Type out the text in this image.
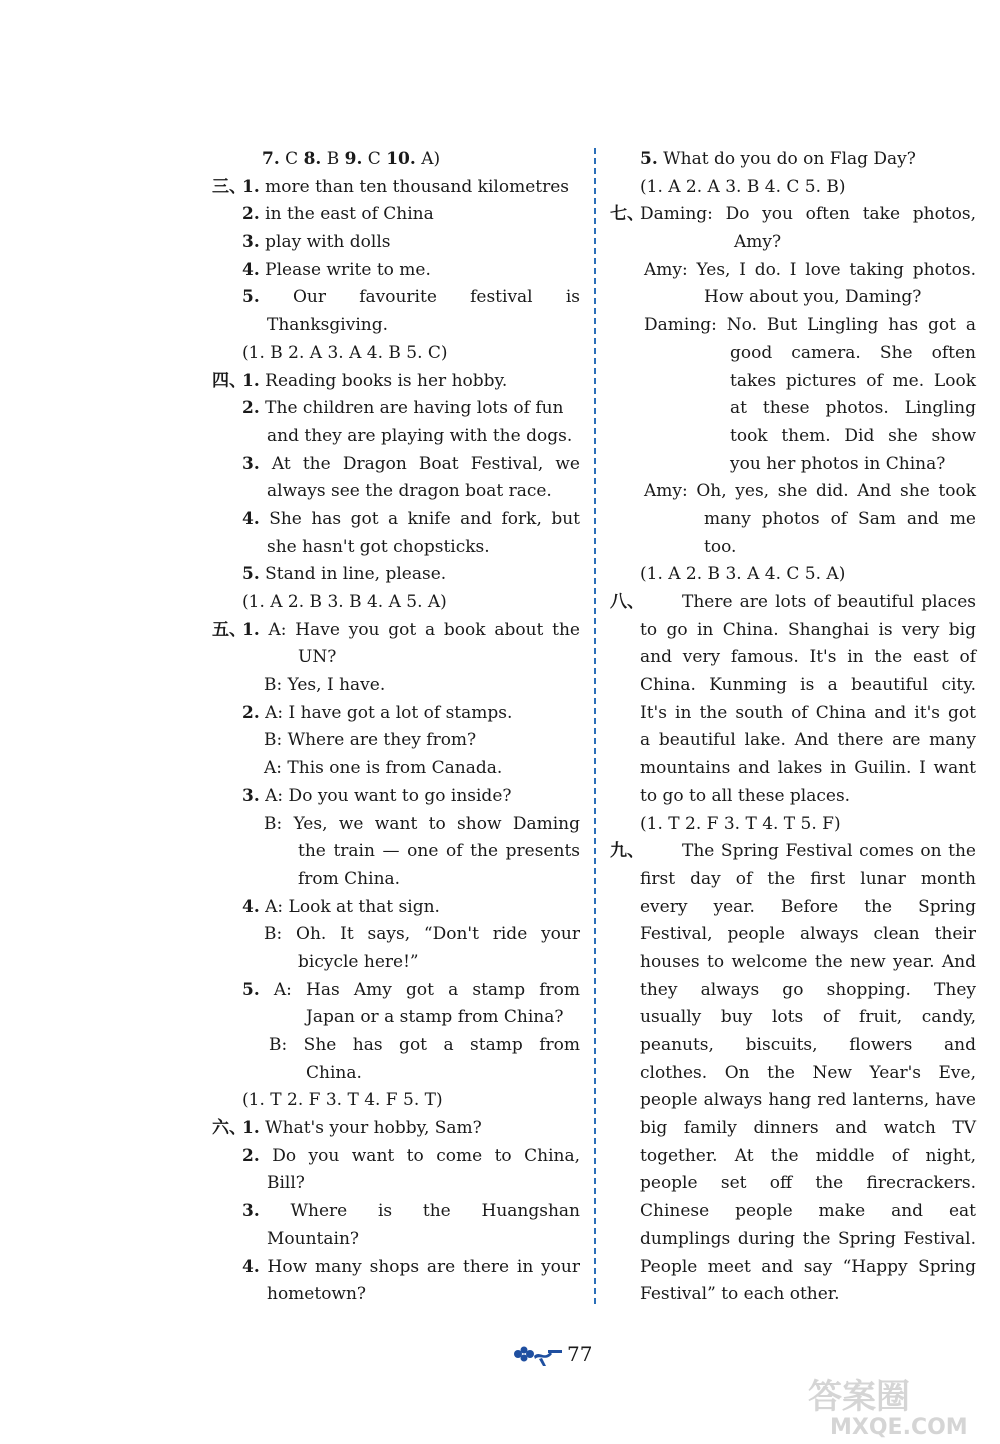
7. C 8. B 9. C 10. A)
三、
1. more than ten thousand kilometres
2. in the east of China
3. play with dolls
4. Please write to me.
5. Our favourite festival is
Thanksgiving.
(1. B 2. A 3. A 4. B 5. C)
四、
1. Reading books is her hobby.
2. The children are having lots of fun
and they are playing with the dogs.
3. At the Dragon Boat Festival, we
always see the dragon boat race.
4. She has got a knife and fork, but
she hasn't got chopsticks.
5. Stand in line, please.
(1. A 2. B 3. B 4. A 5. A)
五、
1. A: Have you got a book about the
UN?
B: Yes, I have.
2. A: I have got a lot of stamps.
B: Where are they from?
A: This one is from Canada.
3. A: Do you want to go inside?
B: Yes, we want to show Daming
the train — one of the presents
from China.
4. A: Look at that sign.
B: Oh. It says, “Don't ride your
bicycle here!”
5. A: Has Amy got a stamp from
Japan or a stamp from China?
B: She has got a stamp from
China.
(1. T 2. F 3. T 4. F 5. T)
六、
1. What's your hobby, Sam?
2. Do you want to come to China,
Bill?
3. Where is the Huangshan
Mountain?
4. How many shops are there in your
hometown?
5. What do you do on Flag Day?
(1. A 2. A 3. B 4. C 5. B)
七、
Daming: Do you often take photos,
Amy?
Amy: Yes, I do. I love taking photos.
How about you, Daming?
Daming: No. But Lingling has got a
good camera. She often
takes pictures of me. Look
at these photos. Lingling
took them. Did she show
you her photos in China?
Amy: Oh, yes, she did. And she took
many photos of Sam and me
too.
(1. A 2. B 3. A 4. C 5. A)
八、 There are lots of beautiful places
to go in China. Shanghai is very big
and very famous. It's in the east of
China. Kunming is a beautiful city.
It's in the south of China and it's got
a beautiful lake. And there are many
mountains and lakes in Guilin. I want
to go to all these places.
(1. T 2. F 3. T 4. T 5. F)
九、 The Spring Festival comes on the
first day of the first lunar month
every year. Before the Spring
Festival, people always clean their
houses to welcome the new year. And
they always go shopping. They
usually buy lots of fruit, candy,
peanuts, biscuits, flowers and
clothes. On the New Year's Eve,
people always hang red lanterns, have
big family dinners and watch TV
together. At the middle of night,
people set off the firecrackers.
Chinese people make and eat
dumplings during the Spring Festival.
People meet and say “Happy Spring
Festival” to each other.
77
答案圈
MXQE.COM
